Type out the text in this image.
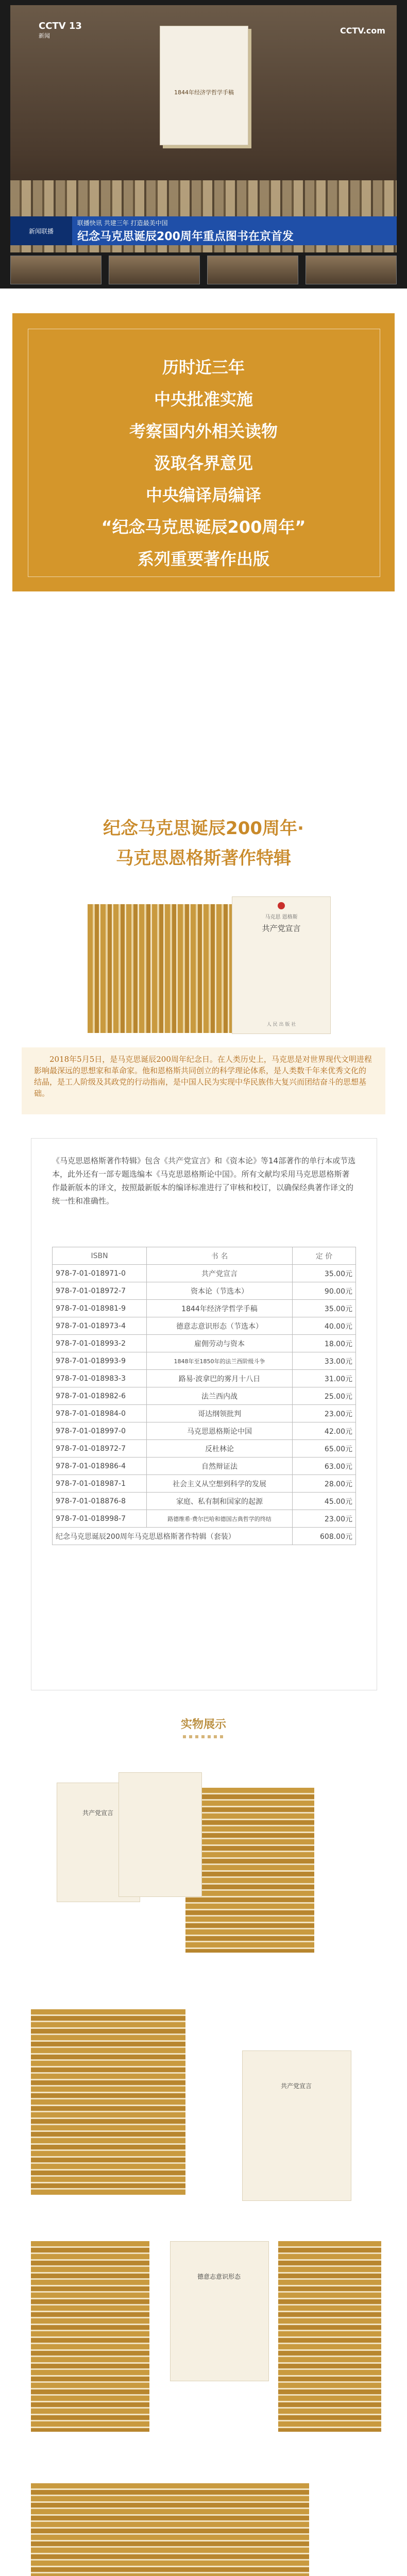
CCTV 13
新闻
CCTV.com
1844年经济学哲学手稿
新闻联播
联播快讯 共建三年 打造最美中国
纪念马克思诞辰200周年重点图书在京首发
历时近三年
中央批准实施
考察国内外相关读物
汲取各界意见
中央编译局编译
“纪念马克思诞辰200周年”
系列重要著作出版
纪念马克思诞辰200周年·
马克思恩格斯著作特辑
马克思 恩格斯
共产党宣言
人 民 出 版 社

2018年5月5日，是马克思诞辰200周年纪念日。在人类历史上，马克思是对世界现代文明进程影响最深远的思想家和革命家。他和恩格斯共同创立的科学理论体系，是人类数千年来优秀文化的结晶，是工人阶级及其政党的行动指南，是中国人民为实现中华民族伟大复兴而团结奋斗的思想基础。

《马克思恩格斯著作特辑》包含《共产党宣言》和《资本论》等14部著作的单行本或节选本，此外还有一部专题选编本《马克思恩格斯论中国》。所有文献均采用马克思恩格斯著作最新版本的译文，按照最新版本的编译标准进行了审核和校订，以确保经典著作译文的统一性和准确性。

ISBN	书 名	定 价
978-7-01-018971-0	共产党宣言	35.00元
978-7-01-018972-7	资本论（节选本）	90.00元
978-7-01-018981-9	1844年经济学哲学手稿	35.00元
978-7-01-018973-4	德意志意识形态（节选本）	40.00元
978-7-01-018993-2	雇佣劳动与资本	18.00元
978-7-01-018993-9	1848年至1850年的法兰西阶级斗争	33.00元
978-7-01-018983-3	路易·波拿巴的雾月十八日	31.00元
978-7-01-018982-6	法兰西内战	25.00元
978-7-01-018984-0	哥达纲领批判	23.00元
978-7-01-018997-0	马克思恩格斯论中国	42.00元
978-7-01-018972-7	反杜林论	65.00元
978-7-01-018986-4	自然辩证法	63.00元
978-7-01-018987-1	社会主义从空想到科学的发展	28.00元
978-7-01-018876-8	家庭、私有制和国家的起源	45.00元
978-7-01-018998-7	路德维希·费尔巴哈和德国古典哲学的终结	23.00元
纪念马克思诞辰200周年马克思恩格斯著作特辑（套装）		608.00元
实物展示
共产党宣言
共产党宣言
德意志意识形态
